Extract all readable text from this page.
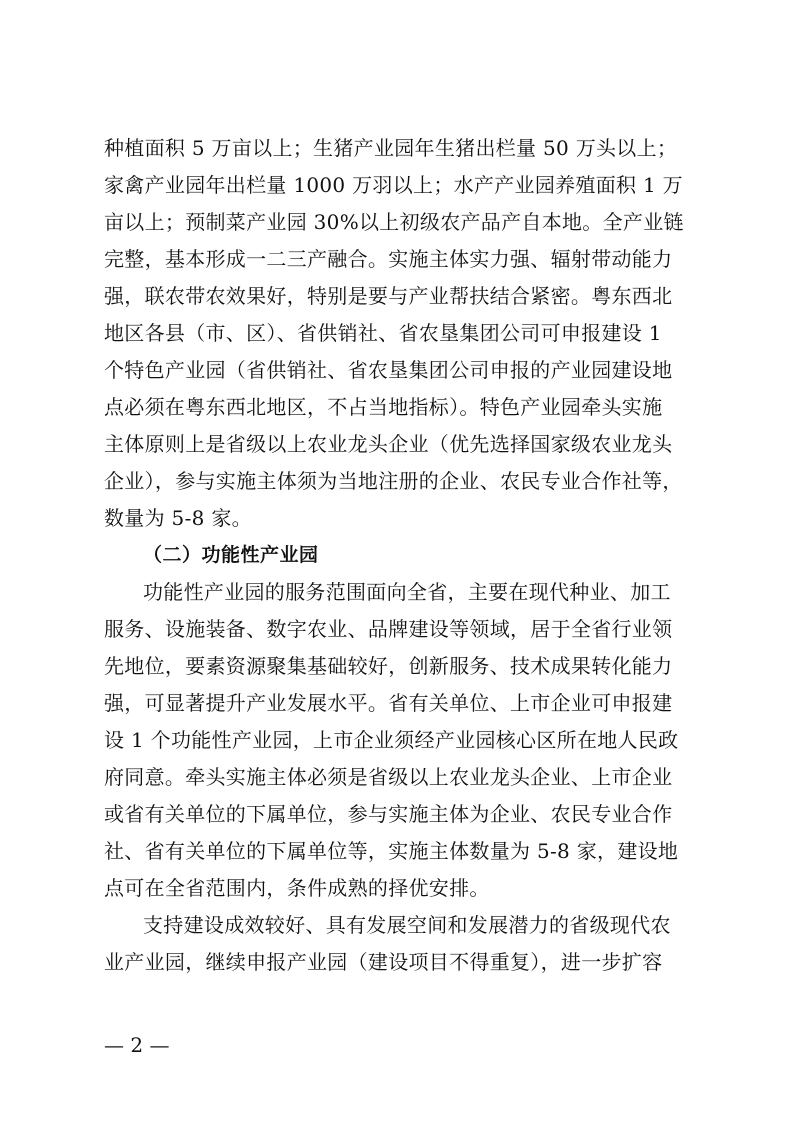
种植面积 5 万亩以上；生猪产业园年生猪出栏量 50 万头以上；
家禽产业园年出栏量 1000 万羽以上；水产产业园养殖面积 1 万
亩以上；预制菜产业园 30%以上初级农产品产自本地。全产业链
完整，基本形成一二三产融合。实施主体实力强、辐射带动能力
强，联农带农效果好，特别是要与产业帮扶结合紧密。粤东西北
地区各县（市、区）、省供销社、省农垦集团公司可申报建设 1
个特色产业园（省供销社、省农垦集团公司申报的产业园建设地
点必须在粤东西北地区，不占当地指标）。特色产业园牵头实施
主体原则上是省级以上农业龙头企业（优先选择国家级农业龙头
企业），参与实施主体须为当地注册的企业、农民专业合作社等，
数量为 5-8 家。
（二）功能性产业园
功能性产业园的服务范围面向全省，主要在现代种业、加工
服务、设施装备、数字农业、品牌建设等领域，居于全省行业领
先地位，要素资源聚集基础较好，创新服务、技术成果转化能力
强，可显著提升产业发展水平。省有关单位、上市企业可申报建
设 1 个功能性产业园，上市企业须经产业园核心区所在地人民政
府同意。牵头实施主体必须是省级以上农业龙头企业、上市企业
或省有关单位的下属单位，参与实施主体为企业、农民专业合作
社、省有关单位的下属单位等，实施主体数量为 5-8 家，建设地
点可在全省范围内，条件成熟的择优安排。
支持建设成效较好、具有发展空间和发展潜力的省级现代农
业产业园，继续申报产业园（建设项目不得重复），进一步扩容
— 2 —
